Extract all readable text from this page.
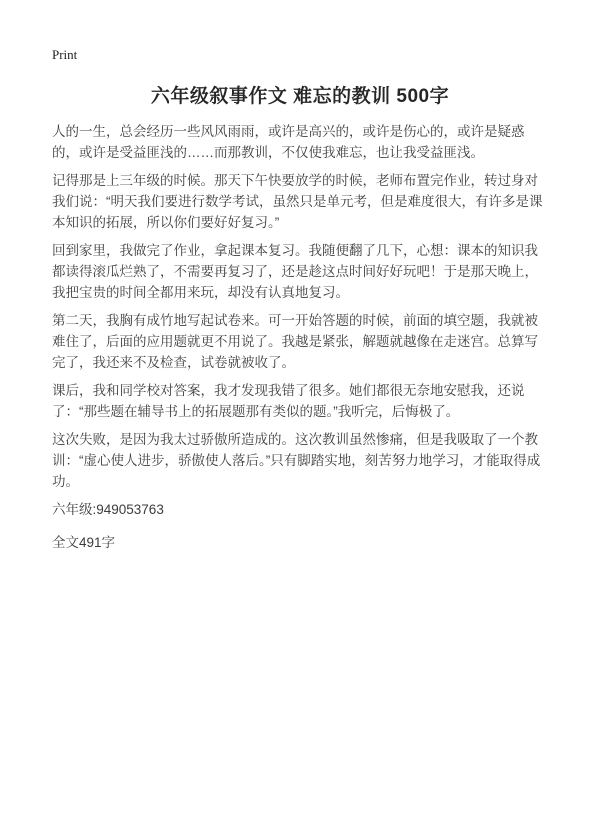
Print
六年级叙事作文 难忘的教训 500字

人的一生，总会经历一些风风雨雨，或许是高兴的，或许是伤心的，或许是疑惑的，或许是受益匪浅的……而那教训，不仅使我难忘，也让我受益匪浅。

记得那是上三年级的时候。那天下午快要放学的时候，老师布置完作业，转过身对我们说：“明天我们要进行数学考试，虽然只是单元考，但是难度很大，有许多是课本知识的拓展，所以你们要好好复习。”

回到家里，我做完了作业，拿起课本复习。我随便翻了几下，心想：课本的知识我都读得滚瓜烂熟了，不需要再复习了，还是趁这点时间好好玩吧！于是那天晚上，我把宝贵的时间全都用来玩，却没有认真地复习。

第二天，我胸有成竹地写起试卷来。可一开始答题的时候，前面的填空题，我就被难住了，后面的应用题就更不用说了。我越是紧张，解题就越像在走迷宫。总算写完了，我还来不及检查，试卷就被收了。

课后，我和同学校对答案，我才发现我错了很多。她们都很无奈地安慰我，还说了：“那些题在辅导书上的拓展题那有类似的题。”我听完，后悔极了。

这次失败，是因为我太过骄傲所造成的。这次教训虽然惨痛，但是我吸取了一个教训：“虚心使人进步，骄傲使人落后。”只有脚踏实地，刻苦努力地学习，才能取得成功。

六年级:949053763

全文491字
